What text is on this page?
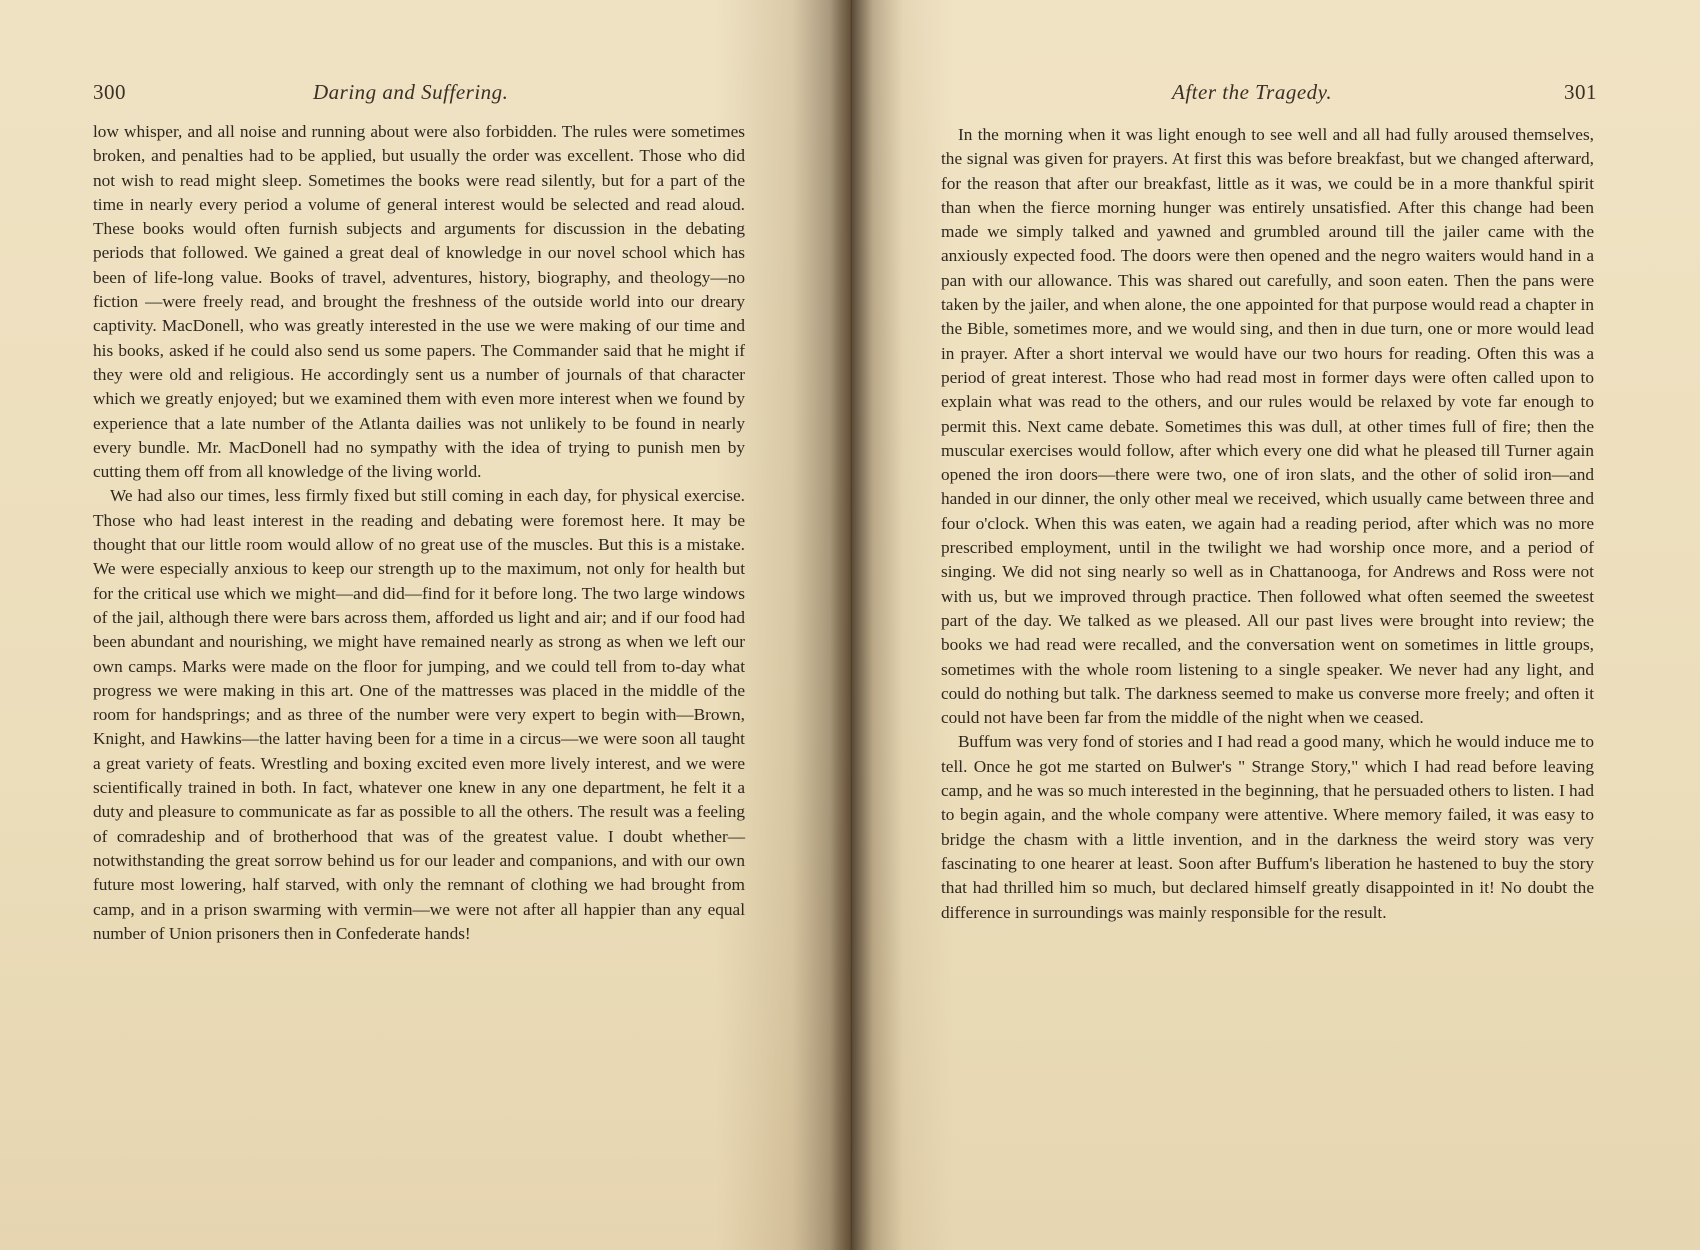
300	Daring and Suffering.

low whisper, and all noise and running about were also forbidden. The rules were sometimes broken, and penalties had to be applied, but usually the order was excellent. Those who did not wish to read might sleep. Sometimes the books were read silently, but for a part of the time in nearly every period a volume of general interest would be selected and read aloud. These books would often furnish subjects and arguments for discussion in the debating periods that followed. We gained a great deal of knowledge in our novel school which has been of life-long value. Books of travel, adventures, history, biography, and theology—no fiction —were freely read, and brought the freshness of the outside world into our dreary captivity. MacDonell, who was greatly interested in the use we were making of our time and his books, asked if he could also send us some papers. The Commander said that he might if they were old and religious. He accordingly sent us a number of journals of that character which we greatly enjoyed; but we examined them with even more interest when we found by experience that a late number of the Atlanta dailies was not unlikely to be found in nearly every bundle. Mr. MacDonell had no sympathy with the idea of trying to punish men by cutting them off from all knowledge of the living world.

We had also our times, less firmly fixed but still coming in each day, for physical exercise. Those who had least interest in the reading and debating were foremost here. It may be thought that our little room would allow of no great use of the muscles. But this is a mistake. We were especially anxious to keep our strength up to the maximum, not only for health but for the critical use which we might—and did—find for it before long. The two large windows of the jail, although there were bars across them, afforded us light and air; and if our food had been abundant and nourishing, we might have remained nearly as strong as when we left our own camps. Marks were made on the floor for jumping, and we could tell from to-day what progress we were making in this art. One of the mattresses was placed in the middle of the room for handsprings; and as three of the number were very expert to begin with—Brown, Knight, and Hawkins—the latter having been for a time in a circus—we were soon all taught a great variety of feats. Wrestling and boxing excited even more lively interest, and we were scientifically trained in both. In fact, whatever one knew in any one department, he felt it a duty and pleasure to communicate as far as possible to all the others. The result was a feeling of comradeship and of brotherhood that was of the greatest value. I doubt whether—notwithstanding the great sorrow behind us for our leader and companions, and with our own future most lowering, half starved, with only the remnant of clothing we had brought from camp, and in a prison swarming with vermin—we were not after all happier than any equal number of Union prisoners then in Confederate hands!

After the Tragedy.	301

In the morning when it was light enough to see well and all had fully aroused themselves, the signal was given for prayers. At first this was before breakfast, but we changed afterward, for the reason that after our breakfast, little as it was, we could be in a more thankful spirit than when the fierce morning hunger was entirely unsatisfied. After this change had been made we simply talked and yawned and grumbled around till the jailer came with the anxiously expected food. The doors were then opened and the negro waiters would hand in a pan with our allowance. This was shared out carefully, and soon eaten. Then the pans were taken by the jailer, and when alone, the one appointed for that purpose would read a chapter in the Bible, sometimes more, and we would sing, and then in due turn, one or more would lead in prayer. After a short interval we would have our two hours for reading. Often this was a period of great interest. Those who had read most in former days were often called upon to explain what was read to the others, and our rules would be relaxed by vote far enough to permit this. Next came debate. Sometimes this was dull, at other times full of fire; then the muscular exercises would follow, after which every one did what he pleased till Turner again opened the iron doors—there were two, one of iron slats, and the other of solid iron—and handed in our dinner, the only other meal we received, which usually came between three and four o'clock. When this was eaten, we again had a reading period, after which was no more prescribed employment, until in the twilight we had worship once more, and a period of singing. We did not sing nearly so well as in Chattanooga, for Andrews and Ross were not with us, but we improved through practice. Then followed what often seemed the sweetest part of the day. We talked as we pleased. All our past lives were brought into review; the books we had read were recalled, and the conversation went on sometimes in little groups, sometimes with the whole room listening to a single speaker. We never had any light, and could do nothing but talk. The darkness seemed to make us converse more freely; and often it could not have been far from the middle of the night when we ceased.

Buffum was very fond of stories and I had read a good many, which he would induce me to tell. Once he got me started on Bulwer's " Strange Story," which I had read before leaving camp, and he was so much interested in the beginning, that he persuaded others to listen. I had to begin again, and the whole company were attentive. Where memory failed, it was easy to bridge the chasm with a little invention, and in the darkness the weird story was very fascinating to one hearer at least. Soon after Buffum's liberation he hastened to buy the story that had thrilled him so much, but declared himself greatly disappointed in it! No doubt the difference in surroundings was mainly responsible for the result.
